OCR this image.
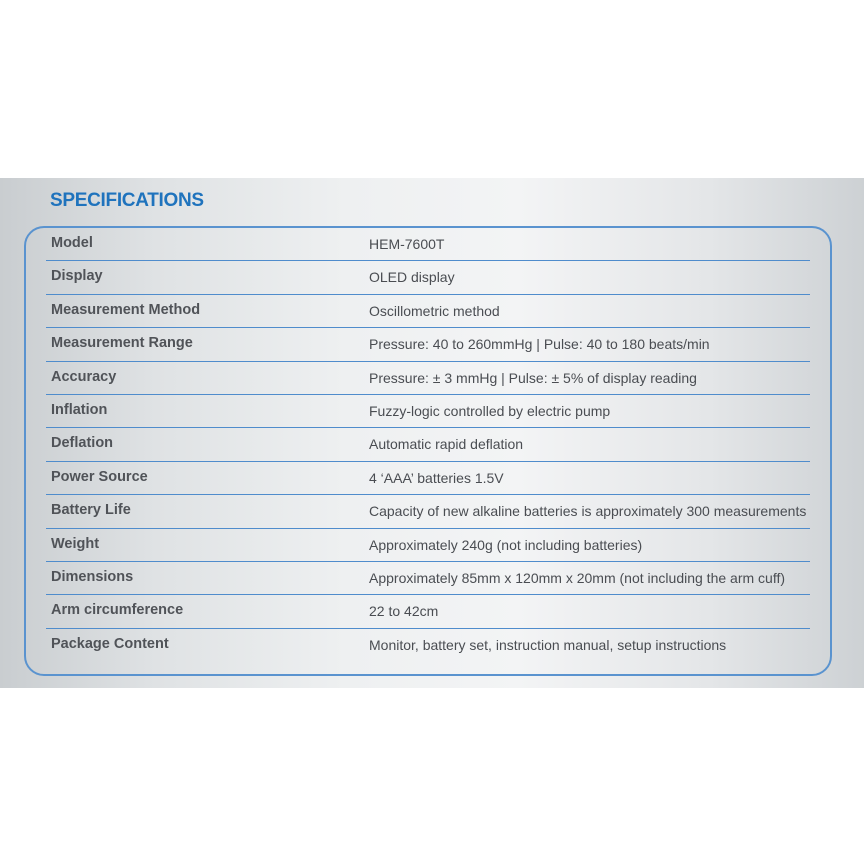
SPECIFICATIONS
Model	HEM-7600T
Display	OLED display
Measurement Method	Oscillometric method
Measurement Range	Pressure: 40 to 260mmHg | Pulse: 40 to 180 beats/min
Accuracy	Pressure: ± 3 mmHg | Pulse: ± 5% of display reading
Inflation	Fuzzy-logic controlled by electric pump
Deflation	Automatic rapid deflation
Power Source	4 ‘AAA’ batteries 1.5V
Battery Life	Capacity of new alkaline batteries is approximately 300 measurements
Weight	Approximately 240g (not including batteries)
Dimensions	Approximately 85mm x 120mm x 20mm (not including the arm cuff)
Arm circumference	22 to 42cm
Package Content	Monitor, battery set, instruction manual, setup instructions
